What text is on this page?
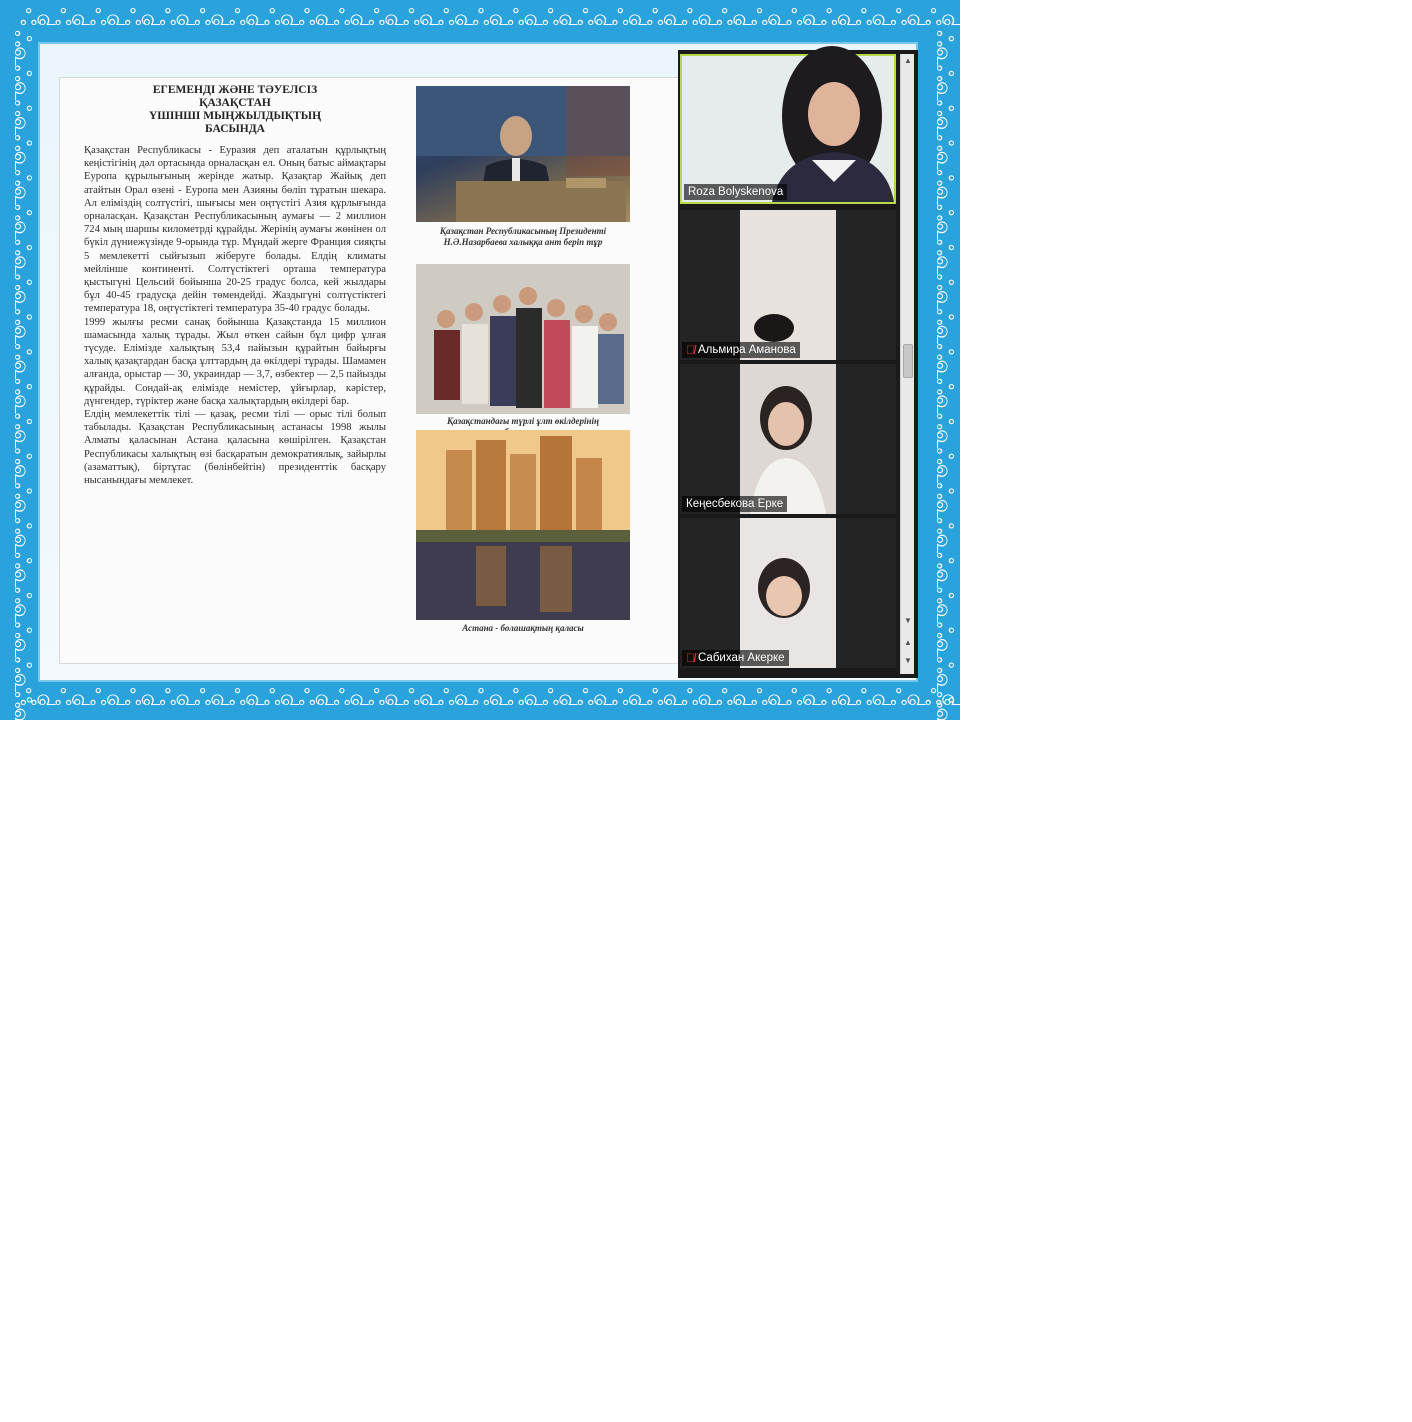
ஃ௳ஃ௳ஃ௳ஃ௳ஃ௳ஃ௳ஃ௳ஃ௳ஃ௳ஃ௳ஃ௳ஃ௳ஃ௳ஃ௳ஃ௳ஃ௳ஃ௳ஃ௳ஃ௳ஃ௳ஃ௳ஃ௳ஃ௳ஃ௳ஃ௳ஃ௳ஃ௳ஃ௳ஃ௳ஃ௳ஃ௳ஃ௳ஃ௳ஃ௳ஃ௳ஃ௳ஃ௳ஃ௳ஃ௳ஃ௳
ஃ௳ஃ௳ஃ௳ஃ௳ஃ௳ஃ௳ஃ௳ஃ௳ஃ௳ஃ௳ஃ௳ஃ௳ஃ௳ஃ௳ஃ௳ஃ௳ஃ௳ஃ௳ஃ௳ஃ௳ஃ௳ஃ௳ஃ௳ஃ௳ஃ௳ஃ௳ஃ௳ஃ௳ஃ௳ஃ௳ஃ௳ஃ௳ஃ௳ஃ௳ஃ௳ஃ௳ஃ௳ஃ௳ஃ௳ஃ௳
ஃ௳ஃ௳ஃ௳ஃ௳ஃ௳ஃ௳ஃ௳ஃ௳ஃ௳ஃ௳ஃ௳ஃ௳ஃ௳ஃ௳ஃ௳ஃ௳ஃ௳ஃ௳ஃ௳ஃ௳ஃ௳ஃ௳ஃ௳ஃ௳ஃ௳ஃ௳ஃ௳ஃ௳ஃ௳ஃ௳ஃ௳ஃ௳ஃ௳ஃ௳ஃ௳ஃ௳ஃ௳ஃ௳ஃ௳ஃ௳	ஃ௳ஃ௳ஃ௳ஃ௳ஃ௳ஃ௳ஃ௳ஃ௳ஃ௳ஃ௳ஃ௳ஃ௳ஃ௳ஃ௳ஃ௳ஃ௳ஃ௳ஃ௳ஃ௳ஃ௳ஃ௳ஃ௳ஃ௳ஃ௳ஃ௳ஃ௳ஃ௳ஃ௳ஃ௳ஃ௳ஃ௳ஃ௳ஃ௳ஃ௳ஃ௳ஃ௳ஃ௳ஃ௳ஃ௳ஃ௳
ЕГЕМЕНДІ ЖӘНЕ ТӘУЕЛСІЗ
ҚАЗАҚСТАН
ҮШІНШІ МЫҢЖЫЛДЫҚТЫҢ
БАСЫНДА
Қазақстан Республикасы - Еуразия деп аталатын құрлықтың кеңістігінің дәл ортасында орналасқан ел. Оның батыс аймақтары Еуропа құрылығының жерінде жатыр. Қазақтар Жайық деп атайтын Орал өзені - Еуропа мен Азияны бөліп тұратын шекара. Ал еліміздің солтүстігі, шығысы мен оңтүстігі Азия құрлығында орналасқан. Қазақстан Республикасының аумағы — 2 миллион 724 мың шаршы километрді құрайды. Жерінің аумағы жөнінен ол бүкіл дүниежүзінде 9-орында тұр. Мұндай жерге Франция сияқты 5 мемлекетті сыйғызып жіберуге болады. Елдің климаты мейлінше континенті. Солтүстіктегі орташа температура қыстыгүні Цельсий бойынша 20-25 градус болса, кей жылдары бұл 40-45 градусқа дейін төмендейді. Жаздыгүні солтүстіктегі температура 18, оңтүстіктегі температура 35-40 градус болады.
1999 жылғы ресми санақ бойынша Қазақстанда 15 миллион шамасында халық тұрады. Жыл өткен сайын бұл цифр ұлғая түсуде. Елімізде халықтың 53,4 пайызын құрайтын байырғы халық қазақтардан басқа ұлттардың да өкілдері тұрады. Шамамен алғанда, орыстар — 30, украиндар — 3,7, өзбектер — 2,5 пайызды құрайды. Сондай-ақ елімізде немістер, ұйғырлар, кәрістер, дүнгендер, түріктер және басқа халықтардың өкілдері бар.
Елдің мемлекеттік тілі — қазақ, ресми тілі — орыс тілі болып табылады. Қазақстан Республикасының астанасы 1998 жылы Алматы қаласынан Астана қаласына көшірілген. Қазақстан Республикасы халықтың өзі басқаратын демократиялық, зайырлы (азаматтық), біртұтас (бөлінбейтін) президенттік басқару нысанындағы мемлекет.
Қазақстан Республикасының Президенті
Н.Ә.Назарбаева халыққа ант беріп тұр
Қазақстандағы түрлі ұлт өкілдерінің

Астана - болашақтың қаласы
Roza Bolyskenova
🎙̸ Альмира Аманова
Кеңесбекова Ерке
🎙̸ Сабихан Акерке
▲
▼
▲
▼
